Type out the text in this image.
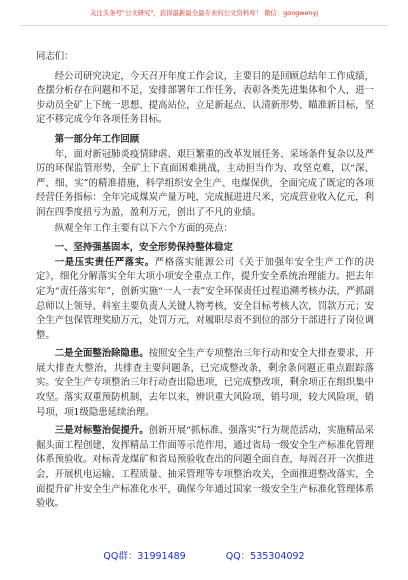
关注头条号"公文研究"，获得最新最全最专业的公文资料库！ 微信：gongwenyj

同志们：

经公司研究决定，今天召开年度工作会议，主要目的是回顾总结年工作成绩，查摆分析存在问题和不足，安排部署年工作任务，表彰各类先进集体和个人，进一步动员全矿上下统一思想、提高站位，立足新起点、认清新形势、瞄准新目标，坚定不移完成今年各项任务目标。

第一部分年工作回顾

年，面对新冠肺炎疫情肆虐、艰巨繁重的改革发展任务、采场条件复杂以及严厉的环保监管形势，全矿上下直面困难挑战，主动担当作为、攻坚克难，以“深、严、细、实”的精准措施，科学组织安全生产、电煤保供，全面完成了既定的各项经营任务指标：全年完成煤炭产量万吨，完成掘进进尺米，完成营业收入亿元，利润在四季度扭亏为盈，盈利万元，创出了不凡的业绩。

纵观全年工作主要有以下六个方面的亮点：

一、坚持强基固本，安全形势保持整体稳定

一是压实责任严落实。严格落实能源公司《关于加强年安全生产工作的决定》，细化分解落实全年大项小项安全重点工作，提升安全系统治理能力。把去年定为“责任落实年”，创新实施“一人一表”安全环保责任过程追溯考核办法，严抓副总师以上领导、科室主要负责人关键人物考核，安全目标考核人次，罚款万元；安全生产包保管理奖励万元，处罚万元，对履职尽责不到位的部分干部进行了岗位调整。

二是全面整治除隐患。按照安全生产专项整治三年行动和安全大排查要求，开展大排查大整治，共排查主要问题条，已完成整改条，剩余条问题正重点跟踪落实。安全生产专项整治三年行动查出隐患项，已完成整改项，剩余项正在组织集中攻坚。落实双重预防机制，去年以来，辨识重大风险项，销号项，较大风险项，销号项，项1级隐患延续治理。

三是对标整治促提升。创新开展“抓标准、强落实”行为规范活动，实施精品采掘头面工程创建，发挥精品工作面等示范作用，通过省局一级安全生产标准化管理体系预验收。对标青龙煤矿和省局预验收查出的问题全面自查，每周召开一次推进会，开展机电运输、工程质量、抽采管理等专项整治攻关，全面推进整改落实，全面提升矿井安全生产标准化水平，确保今年通过国家一级安全生产标准化管理体系验收。

QQ群：31991489	QQ：535304092
